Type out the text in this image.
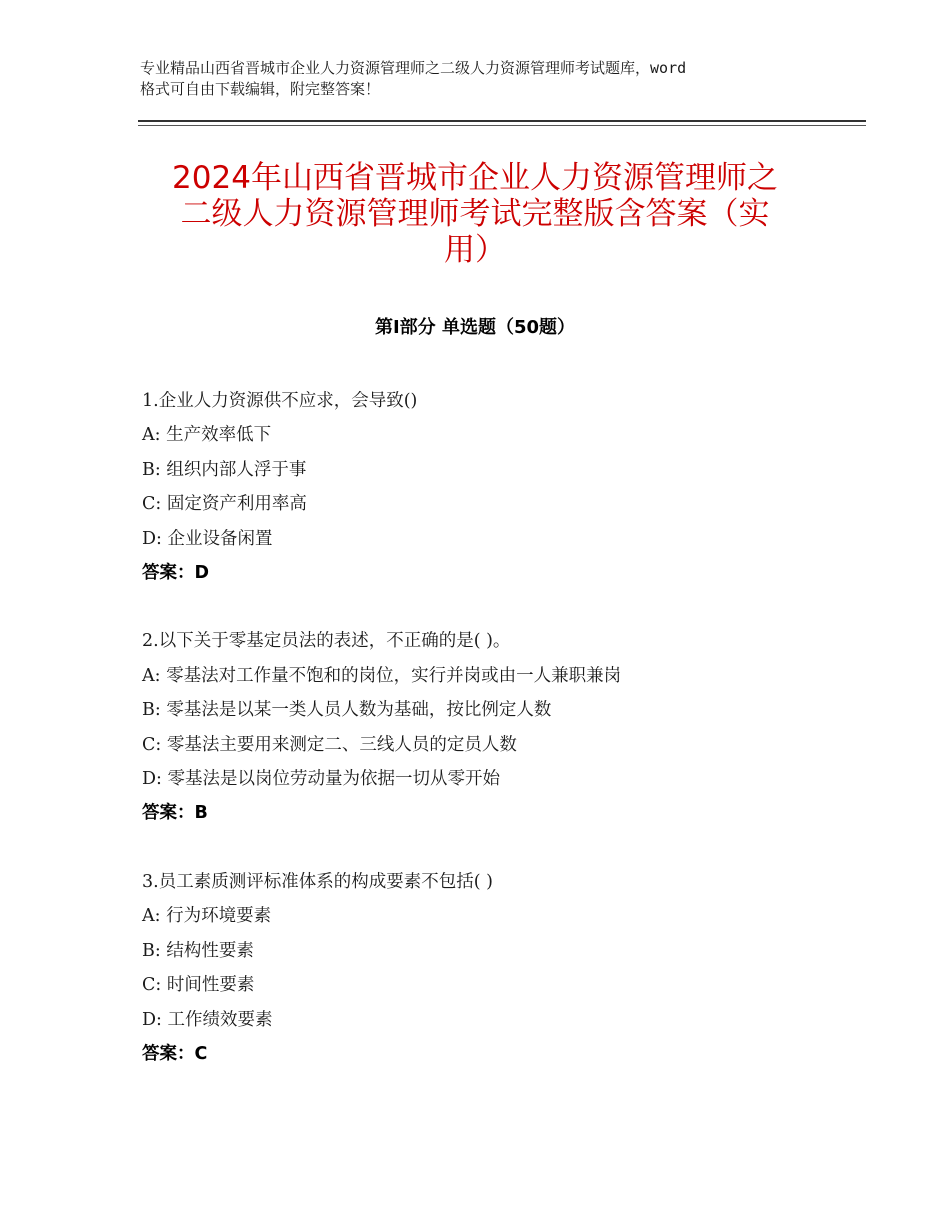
专业精品山西省晋城市企业人力资源管理师之二级人力资源管理师考试题库，word
格式可自由下载编辑，附完整答案！
2024年山西省晋城市企业人力资源管理师之
二级人力资源管理师考试完整版含答案（实
用）
第Ⅰ部分 单选题（50题）
1.企业人力资源供不应求，会导致()
A: 生产效率低下
B: 组织内部人浮于事
C: 固定资产利用率高
D: 企业设备闲置
答案：D
2.以下关于零基定员法的表述，不正确的是( )。
A: 零基法对工作量不饱和的岗位，实行并岗或由一人兼职兼岗
B: 零基法是以某一类人员人数为基础，按比例定人数
C: 零基法主要用来测定二、三线人员的定员人数
D: 零基法是以岗位劳动量为依据一切从零开始
答案：B
3.员工素质测评标准体系的构成要素不包括( )
A: 行为环境要素
B: 结构性要素
C: 时间性要素
D: 工作绩效要素
答案：C
